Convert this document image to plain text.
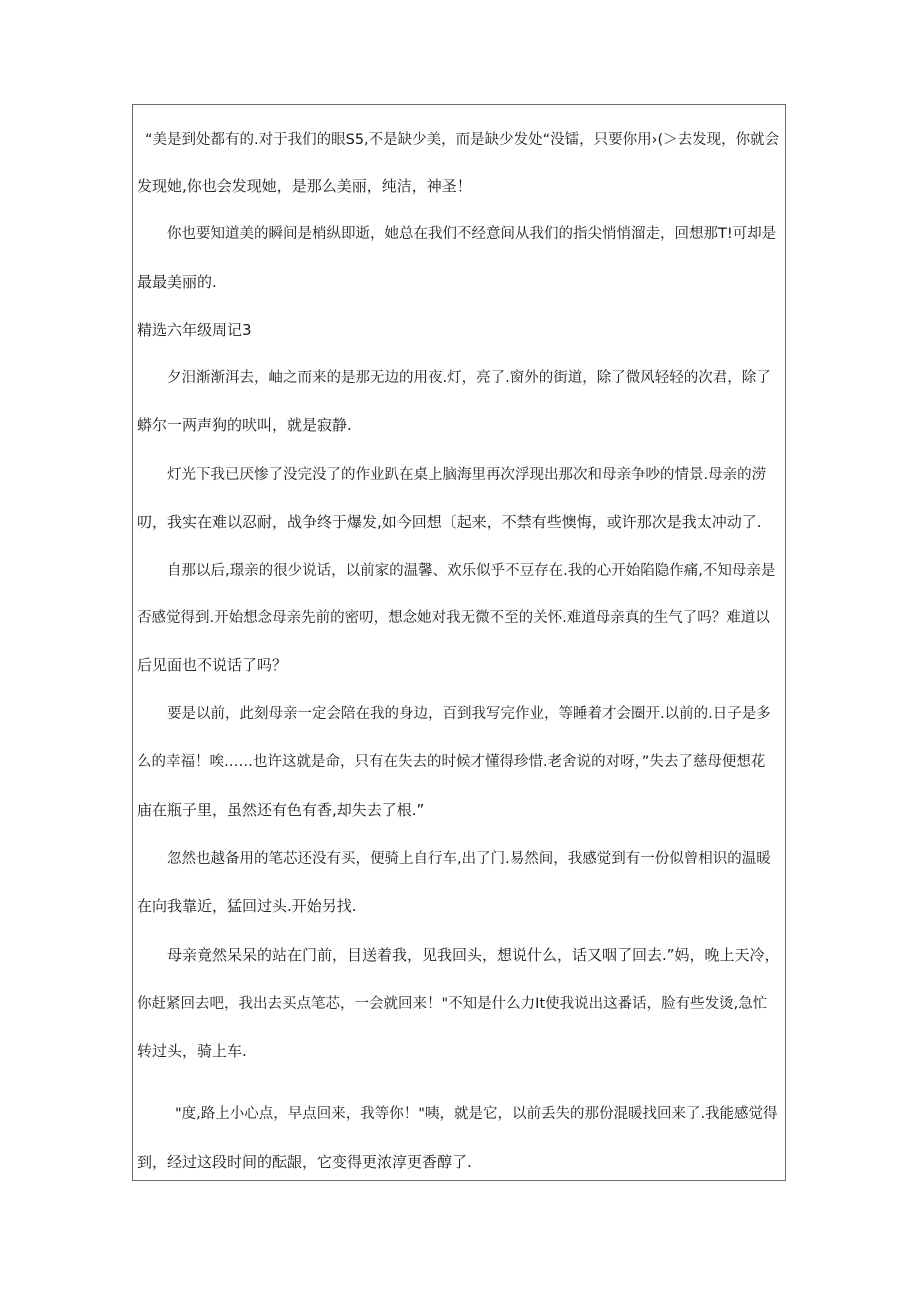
“美是到处都有的.对于我们的眼S5,不是缺少美，而是缺少发处“没镭，只要你用›(＞去发现，你就会
发现她,你也会发现她，是那么美丽，纯洁，神圣！
你也要知道美的瞬间是梢纵即逝，她总在我们不经意间从我们的指尖悄悄溜走，回想那T!可却是
最最美丽的.
精选六年级周记3
夕汨渐渐洱去，岫之而来的是那无边的用夜.灯，亮了.窗外的街道，除了微风轻轻的次君，除了
蟒尔一两声狗的吠叫，就是寂静.
灯光下我已厌惨了没完没了的作业趴在桌上脑海里再次浮现出那次和母亲争吵的情景.母亲的涝
叨，我实在难以忍耐，战争终于爆发,如今回想〔起来，不禁有些懊悔，或许那次是我太冲动了.
自那以后,璟亲的很少说话，以前家的温馨、欢乐似乎不豆存在.我的心开始陷隐作痛,不知母亲是
否感觉得到.开始想念母亲先前的密叨，想念她对我无微不至的关怀.难道母亲真的生气了吗？难道以
后见面也不说话了吗？
要是以前，此刻母亲一定会陪在我的身边，百到我写完作业，等睡着才会圈开.以前的.日子是多
么的幸福！唉……也许这就是命，只有在失去的时候才懂得珍惜.老舍说的对呀，”失去了慈母便想花
庙在瓶子里，虽然还有色有香,却失去了根.”
忽然也越备用的笔芯还没有买，便骑上自行车,出了门.易然间，我感觉到有一份似曾相识的温暖
在向我靠近，猛回过头.开始另找.
母亲竟然呆呆的站在门前，目送着我，见我回头，想说什么，话又咽了回去.”妈，晚上天冷，
你赶紧回去吧，我出去买点笔芯，一会就回来！"不知是什么力It使我说出这番话，脸有些发烫,急忙
转过头，骑上车.
"度,路上小心点，早点回来，我等你！"咦，就是它，以前丢失的那份混暖找回来了.我能感觉得
到，经过这段时间的酝龈，它变得更浓淳更香醇了.
